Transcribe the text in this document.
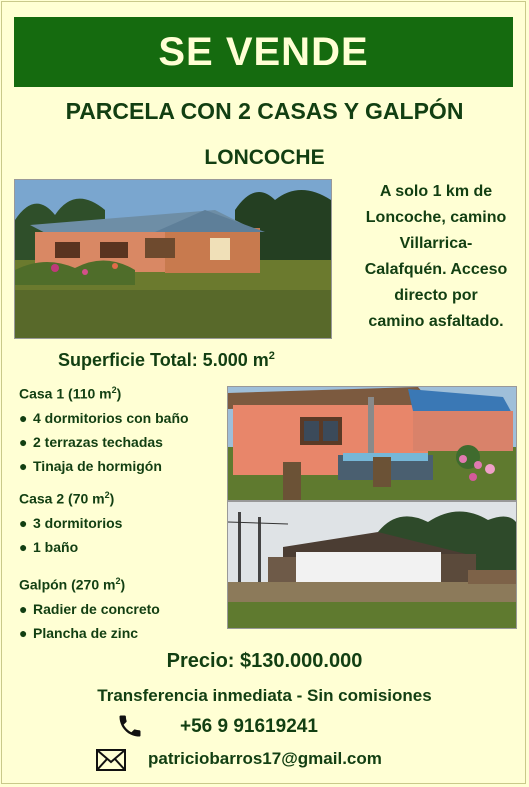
SE VENDE
PARCELA CON 2 CASAS Y GALPÓN
LONCOCHE
A solo 1 km de
Loncoche, camino
Villarrica-
Calafquén. Acceso
directo por
camino asfaltado.
Superficie Total: 5.000 $m^2$
Casa 1 (110 $m^2$)
● 4 dormitorios con baño
● 2 terrazas techadas
● Tinaja de hormigón
Casa 2 (70 $m^2$)
● 3 dormitorios
● 1 baño
Galpón (270 $m^2$)
● Radier de concreto
● Plancha de zinc
Precio: $130.000.000
Transferencia inmediata - Sin comisiones
+56 9 91619241
patriciobarros17@gmail.com
